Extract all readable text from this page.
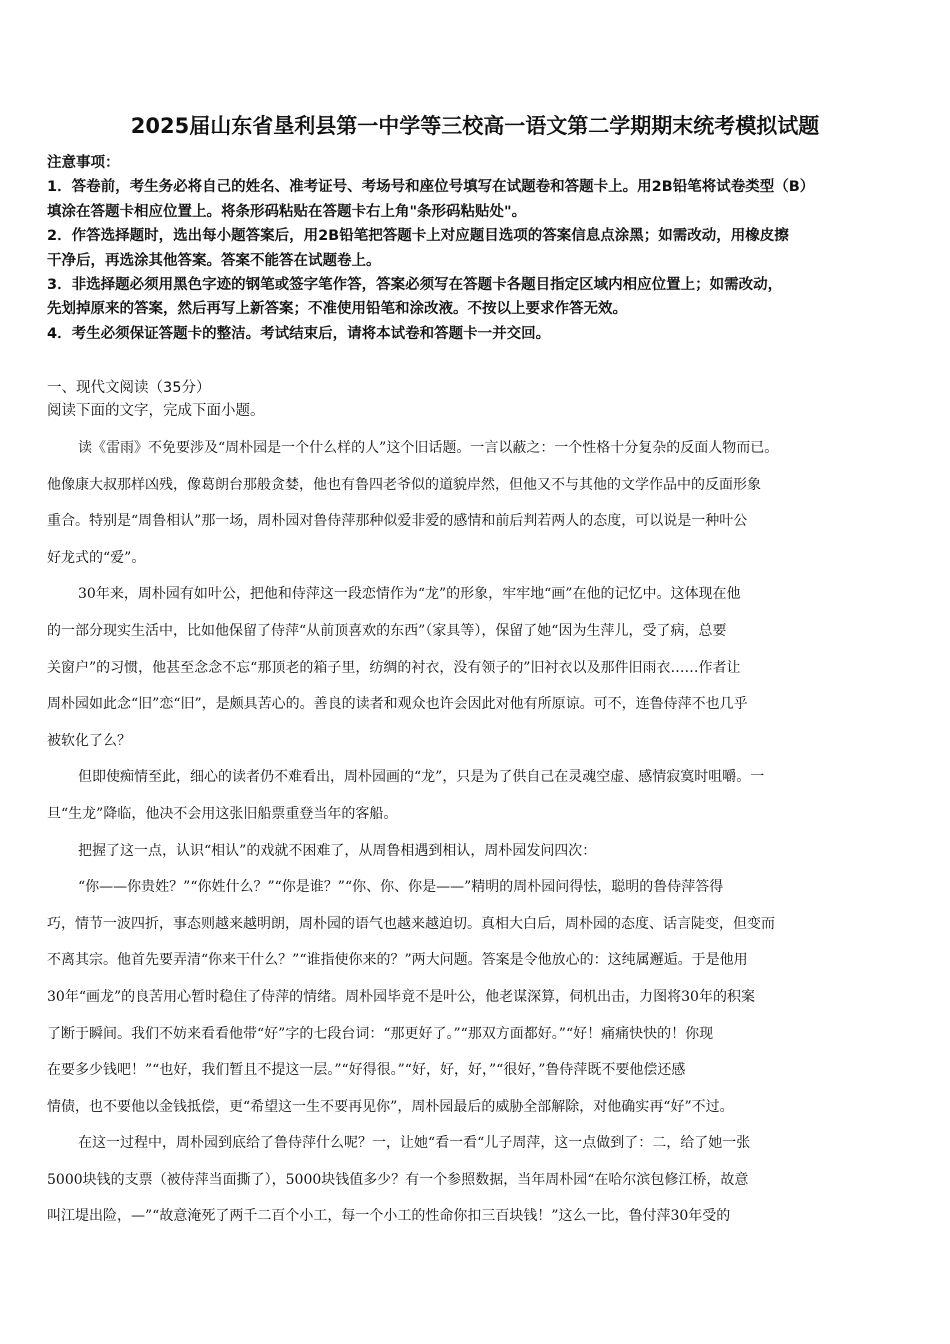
2025届山东省垦利县第一中学等三校高一语文第二学期期末统考模拟试题
注意事项：
1．答卷前，考生务必将自己的姓名、准考证号、考场号和座位号填写在试题卷和答题卡上。用2B铅笔将试卷类型（B）
填涂在答题卡相应位置上。将条形码粘贴在答题卡右上角"条形码粘贴处"。
2．作答选择题时，选出每小题答案后，用2B铅笔把答题卡上对应题目选项的答案信息点涂黑；如需改动，用橡皮擦
干净后，再选涂其他答案。答案不能答在试题卷上。
3．非选择题必须用黑色字迹的钢笔或签字笔作答，答案必须写在答题卡各题目指定区域内相应位置上；如需改动，
先划掉原来的答案，然后再写上新答案；不准使用铅笔和涂改液。不按以上要求作答无效。
4．考生必须保证答题卡的整洁。考试结束后，请将本试卷和答题卡一并交回。
一、现代文阅读（35分）
阅读下面的文字，完成下面小题。
读《雷雨》不免要涉及“周朴园是一个什么样的人”这个旧话题。一言以蔽之：一个性格十分复杂的反面人物而已。
他像康大叔那样凶残，像葛朗台那般贪婪，他也有鲁四老爷似的道貌岸然，但他又不与其他的文学作品中的反面形象
重合。特别是“周鲁相认”那一场，周朴园对鲁侍萍那种似爱非爱的感情和前后判若两人的态度，可以说是一种叶公
好龙式的“爱”。
30年来，周朴园有如叶公，把他和侍萍这一段恋情作为“龙”的形象，牢牢地“画”在他的记忆中。这体现在他
的一部分现实生活中，比如他保留了侍萍“从前顶喜欢的东西”（家具等），保留了她“因为生萍儿，受了病，总要
关窗户”的习惯，他甚至念念不忘“那顶老的箱子里，纺绸的衬衣，没有领子的”旧衬衣以及那件旧雨衣……作者让
周朴园如此念“旧”恋“旧”，是颇具苦心的。善良的读者和观众也许会因此对他有所原谅。可不，连鲁侍萍不也几乎
被软化了么？
但即使痴情至此，细心的读者仍不难看出，周朴园画的“龙”，只是为了供自己在灵魂空虚、感情寂寞时咀嚼。一
旦“生龙”降临，他决不会用这张旧船票重登当年的客船。
把握了这一点，认识“相认”的戏就不困难了，从周鲁相遇到相认，周朴园发问四次：
“你——你贵姓？”“你姓什么？”“你是谁？”“你、你、你是——”精明的周朴园问得怯，聪明的鲁侍萍答得
巧，情节一波四折，事态则越来越明朗，周朴园的语气也越来越迫切。真相大白后，周朴园的态度、话言陡变，但变而
不离其宗。他首先要弄清“你来干什么？”“谁指使你来的？”两大问题。答案是令他放心的：这纯属邂逅。于是他用
30年“画龙”的良苦用心暂时稳住了侍萍的情绪。周朴园毕竟不是叶公，他老谋深算，伺机出击，力图将30年的积案
了断于瞬间。我们不妨来看看他带“好”字的七段台词：“那更好了。”“那双方面都好。”“好！痛痛快快的！你现
在要多少钱吧！”“也好，我们暂且不提这一层。”“好得很。”“好，好，好，”“很好，”鲁侍萍既不要他偿还感
情债，也不要他以金钱抵偿，更“希望这一生不要再见你”，周朴园最后的威胁全部解除，对他确实再“好”不过。
在这一过程中，周朴园到底给了鲁侍萍什么呢？一，让她“看一看“儿子周萍，这一点做到了：二，给了她一张
5000块钱的支票（被侍萍当面撕了），5000块钱值多少？有一个参照数据，当年周朴园“在哈尔滨包修江桥，故意
叫江堤出险，—”“故意淹死了两千二百个小工，每一个小工的性命你扣三百块钱！”这么一比，鲁付萍30年受的
